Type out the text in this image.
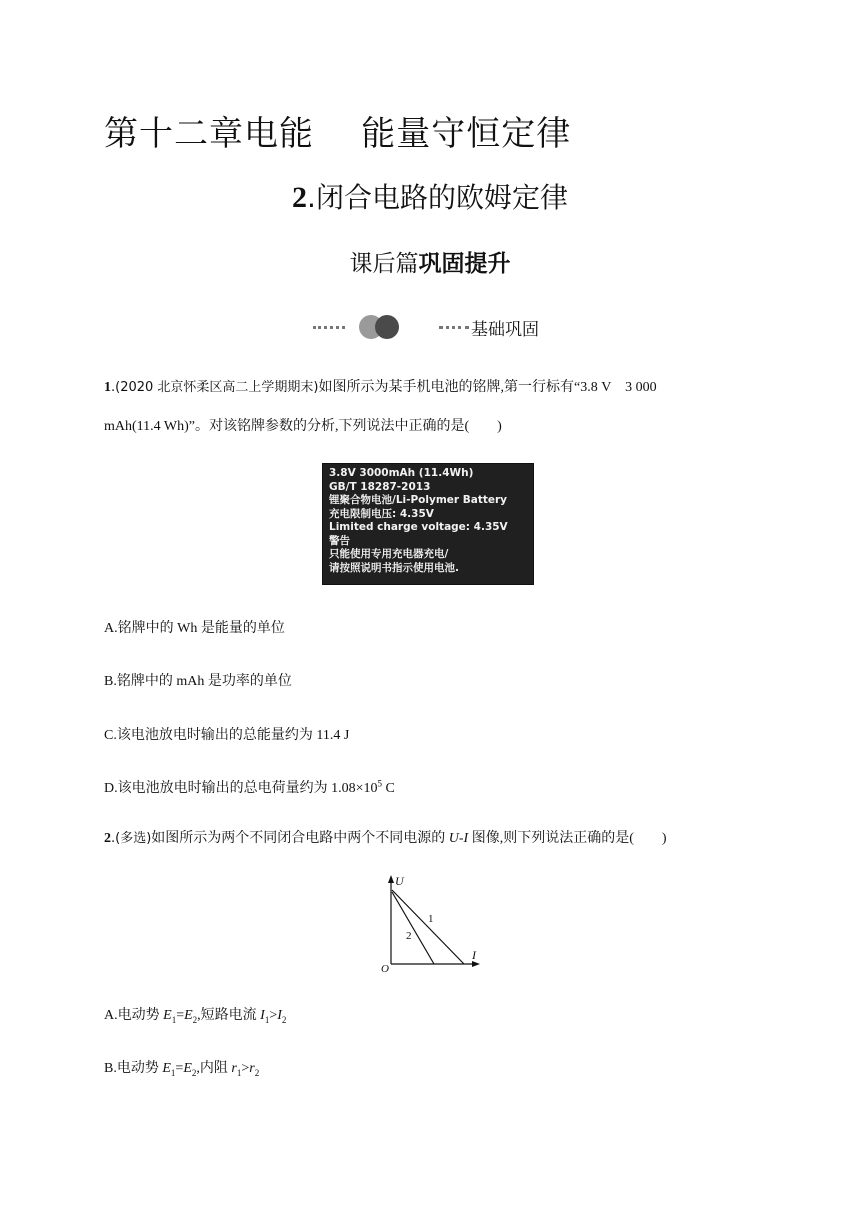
第十二章电能    能量守恒定律
2.闭合电路的欧姆定律
课后篇巩固提升
基础巩固
1.(2020 北京怀柔区高二上学期期末)如图所示为某手机电池的铭牌,第一行标有“3.8 V    3 000
mAh(11.4 Wh)”。对该铭牌参数的分析,下列说法中正确的是(        )
3.8V 3000mAh (11.4Wh)
GB/T 18287-2013
锂聚合物电池/Li-Polymer Battery
充电限制电压: 4.35V
Limited charge voltage: 4.35V
警告
只能使用专用充电器充电/
请按照说明书指示使用电池.
A.铭牌中的 Wh 是能量的单位
B.铭牌中的 mAh 是功率的单位
C.该电池放电时输出的总能量约为 11.4 J
D.该电池放电时输出的总电荷量约为 $1.08\times 10^5$ C
2.(多选)如图所示为两个不同闭合电路中两个不同电源的 U-I 图像,则下列说法正确的是(        )
U
I
O
1
2
A.电动势 $E_1=E_2$,短路电流 $I_1>I_2$
B.电动势 $E_1=E_2$,内阻 $r_1>r_2$
